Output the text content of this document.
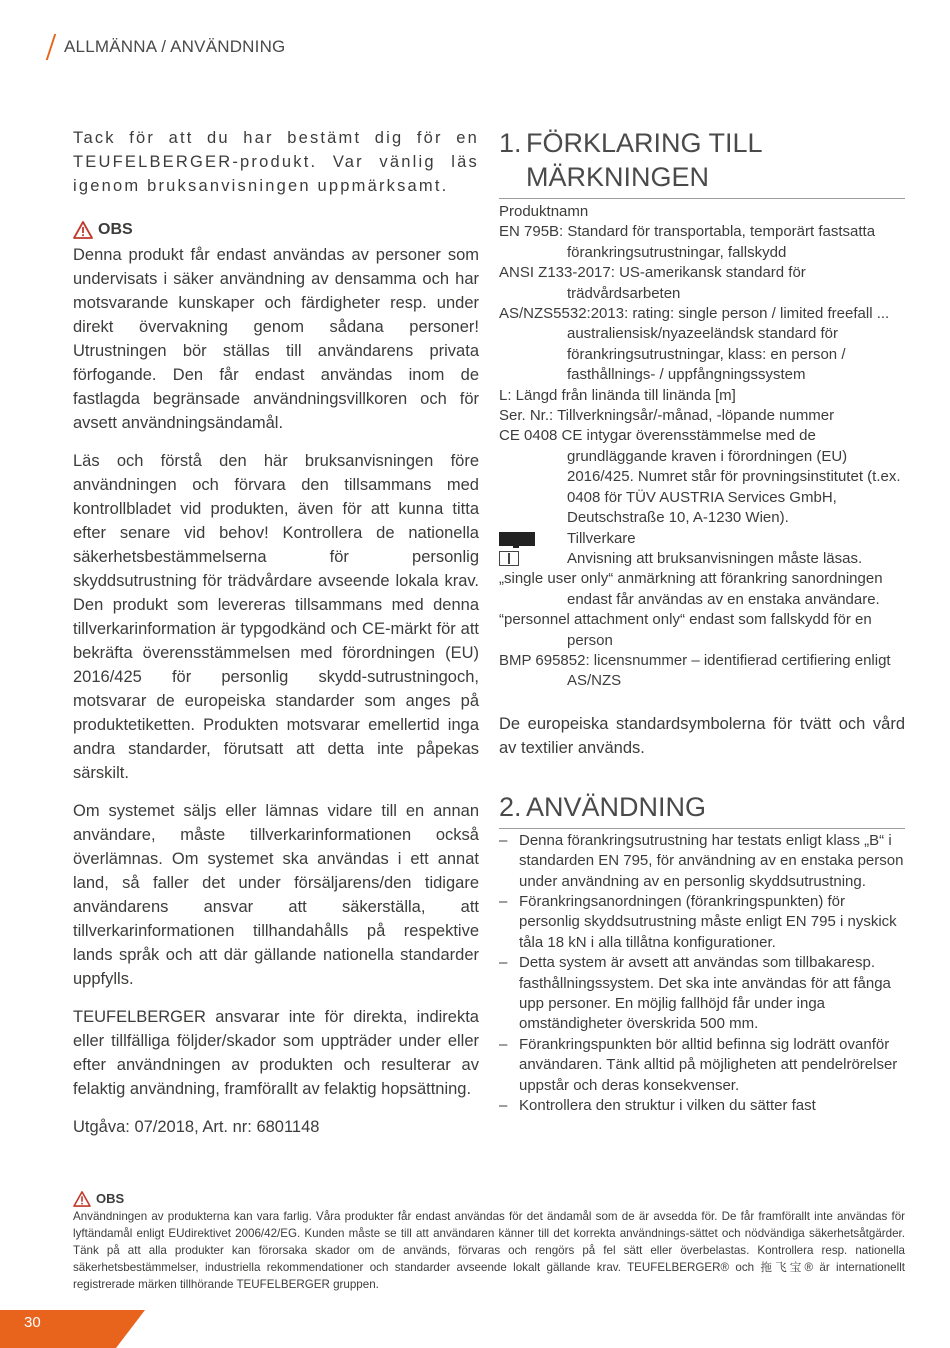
ALLMÄNNA / ANVÄNDNING

Tack för att du har bestämt dig för en TEUFELBERGER-produkt. Var vänlig läs igenom bruksanvisningen uppmärksamt.

OBS

Denna produkt får endast användas av personer som undervisats i säker användning av densamma och har motsvarande kunskaper och färdigheter resp. under direkt övervakning genom sådana personer! Utrustningen bör ställas till användarens privata förfogande. Den får endast användas inom de fastlagda begränsade användningsvillkoren och för avsett användningsändamål.

Läs och förstå den här bruksanvisningen före användningen och förvara den tillsammans med kontrollbladet vid produkten, även för att kunna titta efter senare vid behov! Kontrollera de nationella säkerhetsbestämmelserna för personlig skyddsutrustning för trädvårdare avseende lokala krav. Den produkt som levereras tillsammans med denna tillverkarinformation är typgodkänd och CE-märkt för att bekräfta överensstämmelsen med förordningen (EU) 2016/425 för personlig skydd-sutrustningoch, motsvarar de europeiska standarder som anges på produktetiketten. Produkten motsvarar emellertid inga andra standarder, förutsatt att detta inte påpekas särskilt.

Om systemet säljs eller lämnas vidare till en annan användare, måste tillverkarinformationen också överlämnas. Om systemet ska användas i ett annat land, så faller det under försäljarens/den tidigare användarens ansvar att säkerställa, att tillverkarinformationen tillhandahålls på respektive lands språk och att där gällande nationella standarder uppfylls.

TEUFELBERGER ansvarar inte för direkta, indirekta eller tillfälliga följder/skador som uppträder under eller efter användningen av produkten och resulterar av felaktig användning, framförallt av felaktig hopsättning.

Utgåva: 07/2018, Art. nr: 6801148

1. FÖRKLARING TILL MÄRKNINGEN
Produktnamn
EN 795B: Standard för transportabla, temporärt fastsatta förankringsutrustningar, fallskydd
ANSI Z133-2017: US-amerikansk standard för trädvårdsarbeten
AS/NZS5532:2013: rating: single person / limited freefall ... australiensisk/nyazeeländsk standard för förankringsutrustningar, klass: en person / fasthållnings- / uppfångningssystem
L: Längd från linända till linända [m]
Ser. Nr.: Tillverkningsår/-månad, -löpande nummer
CE 0408 CE intygar överensstämmelse med de grundläggande kraven i förordningen (EU) 2016/425. Numret står för provningsinstitutet (t.ex. 0408 för TÜV AUSTRIA Services GmbH, Deutschstraße 10, A-1230 Wien).
Tillverkare
Anvisning att bruksanvisningen måste läsas.
„single user only“ anmärkning att förankring sanordningen endast får användas av en enstaka användare.
“personnel attachment only“ endast som fallskydd för en person
BMP 695852: licensnummer – identifierad certifiering enligt AS/NZS
De europeiska standardsymbolerna för tvätt och vård av textilier används.
2. ANVÄNDNING
– Denna förankringsutrustning har testats enligt klass „B“ i standarden EN 795, för användning av en enstaka person under användning av en personlig skyddsutrustning.
– Förankringsanordningen (förankringspunkten) för personlig skyddsutrustning måste enligt EN 795 i nyskick tåla 18 kN i alla tillåtna konfigurationer.
– Detta system är avsett att användas som tillbakaresp. fasthållningssystem. Det ska inte användas för att fånga upp personer. En möjlig fallhöjd får under inga omständigheter överskrida 500 mm.
– Förankringspunkten bör alltid befinna sig lodrätt ovanför användaren. Tänk alltid på möjligheten att pendelrörelser uppstår och deras konsekvenser.
– Kontrollera den struktur i vilken du sätter fast
OBS

Användningen av produkterna kan vara farlig. Våra produkter får endast användas för det ändamål som de är avsedda för. De får framförallt inte användas för lyftändamål enligt EUdirektivet 2006/42/EG. Kunden måste se till att användaren känner till det korrekta användnings-sättet och nödvändiga säkerhetsåtgärder. Tänk på att alla produkter kan förorsaka skador om de används, förvaras och rengörs på fel sätt eller överbelastas. Kontrollera resp. nationella säkerhetsbestämmelser, industriella rekommendationer och standarder avseende lokalt gällande krav. TEUFELBERGER® och 拖飞宝® är internationellt registrerade märken tillhörande TEUFELBERGER gruppen.

30
